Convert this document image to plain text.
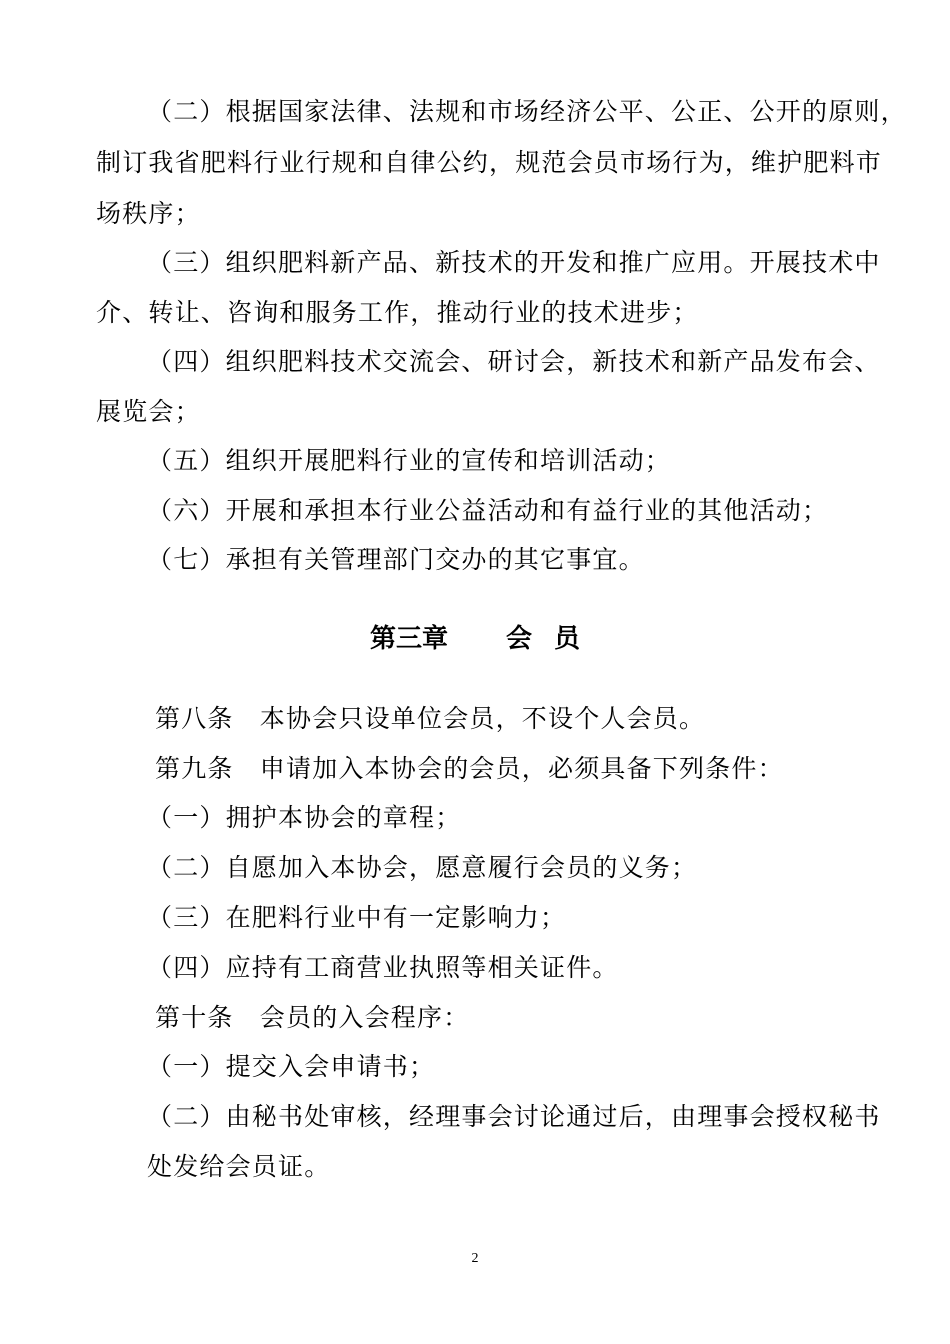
（二）根据国家法律、法规和市场经济公平、公正、公开的原则，
制订我省肥料行业行规和自律公约，规范会员市场行为，维护肥料市
场秩序；
（三）组织肥料新产品、新技术的开发和推广应用。开展技术中
介、转让、咨询和服务工作，推动行业的技术进步；
（四）组织肥料技术交流会、研讨会，新技术和新产品发布会、
展览会；
（五）组织开展肥料行业的宣传和培训活动；
（六）开展和承担本行业公益活动和有益行业的其他活动；
（七）承担有关管理部门交办的其它事宜。
第三章 会 员
第八条　本协会只设单位会员，不设个人会员。
第九条　申请加入本协会的会员，必须具备下列条件：
（一）拥护本协会的章程；
（二）自愿加入本协会，愿意履行会员的义务；
（三）在肥料行业中有一定影响力；
（四）应持有工商营业执照等相关证件。
第十条　会员的入会程序：
（一）提交入会申请书；
（二）由秘书处审核，经理事会讨论通过后，由理事会授权秘书
处发给会员证。
2
